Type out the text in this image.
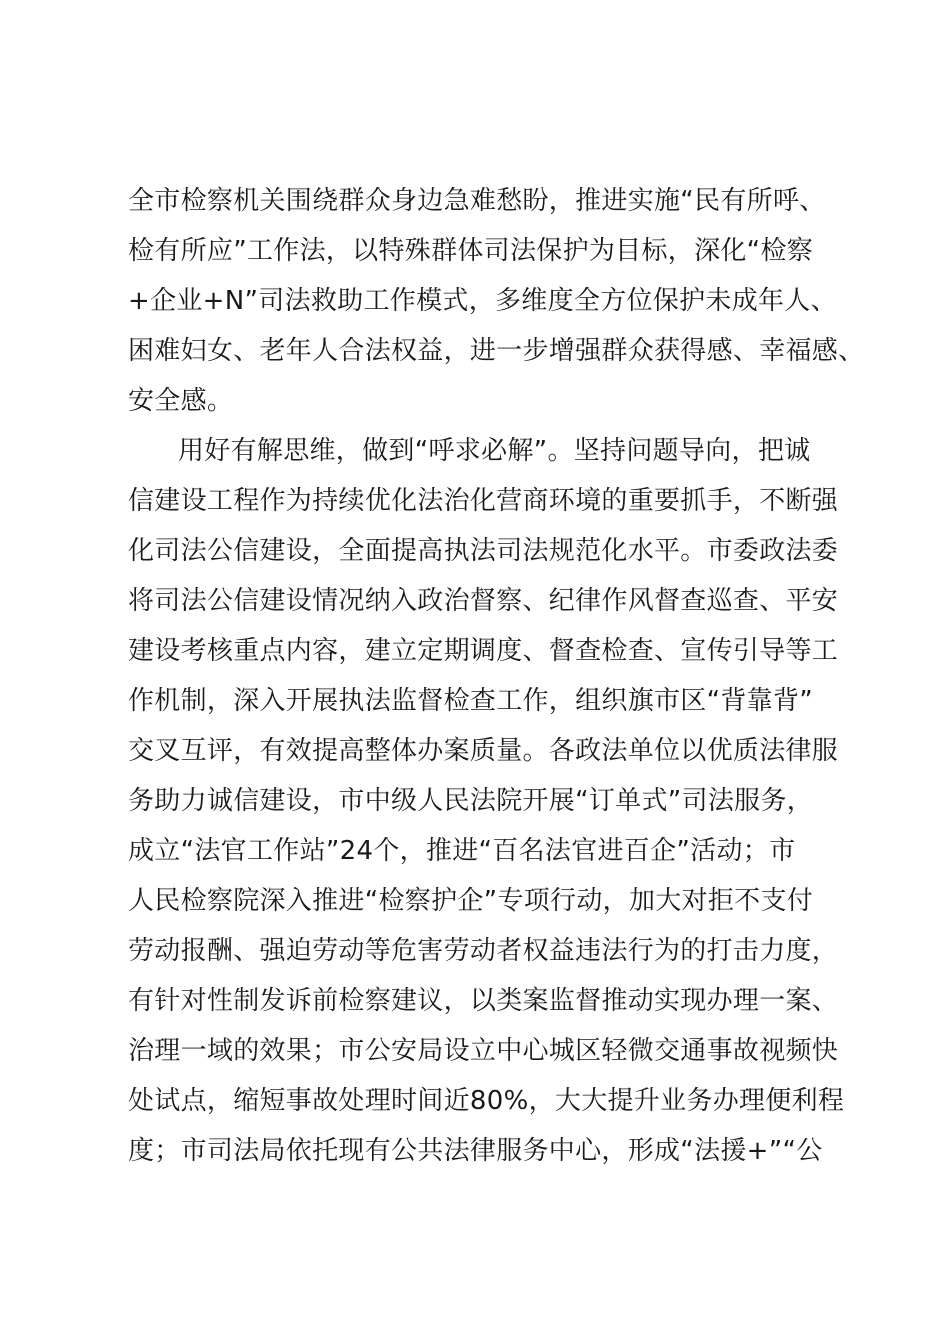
全市检察机关围绕群众身边急难愁盼，推进实施“民有所呼、
检有所应”工作法，以特殊群体司法保护为目标，深化“检察
+企业+N”司法救助工作模式，多维度全方位保护未成年人、
困难妇女、老年人合法权益，进一步增强群众获得感、幸福感、
安全感。
用好有解思维，做到“呼求必解”。坚持问题导向，把诚
信建设工程作为持续优化法治化营商环境的重要抓手，不断强
化司法公信建设，全面提高执法司法规范化水平。市委政法委
将司法公信建设情况纳入政治督察、纪律作风督查巡查、平安
建设考核重点内容，建立定期调度、督查检查、宣传引导等工
作机制，深入开展执法监督检查工作，组织旗市区“背靠背”
交叉互评，有效提高整体办案质量。各政法单位以优质法律服
务助力诚信建设，市中级人民法院开展“订单式”司法服务，
成立“法官工作站”24个，推进“百名法官进百企”活动；市
人民检察院深入推进“检察护企”专项行动，加大对拒不支付
劳动报酬、强迫劳动等危害劳动者权益违法行为的打击力度，
有针对性制发诉前检察建议，以类案监督推动实现办理一案、
治理一域的效果；市公安局设立中心城区轻微交通事故视频快
处试点，缩短事故处理时间近80%，大大提升业务办理便利程
度；市司法局依托现有公共法律服务中心，形成“法援+”“公
